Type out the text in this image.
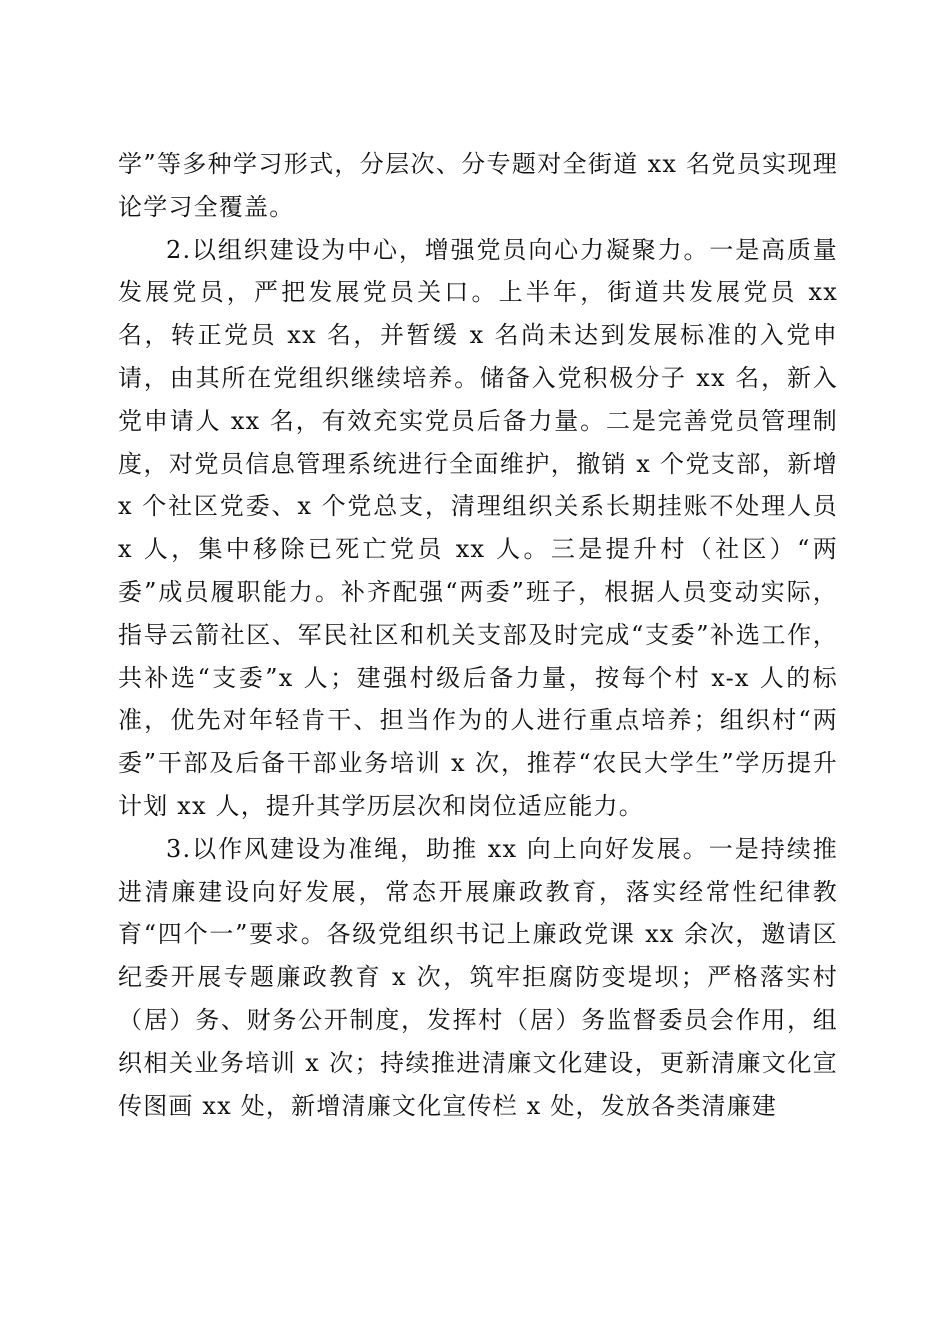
学”等多种学习形式，分层次、分专题对全街道 xx 名党员实现理论学习全覆盖。

2.以组织建设为中心，增强党员向心力凝聚力。一是高质量发展党员，严把发展党员关口。上半年，街道共发展党员 xx 名，转正党员 xx 名，并暂缓 x 名尚未达到发展标准的入党申请，由其所在党组织继续培养。储备入党积极分子 xx 名，新入党申请人 xx 名，有效充实党员后备力量。二是完善党员管理制度，对党员信息管理系统进行全面维护，撤销 x 个党支部，新增 x 个社区党委、x 个党总支，清理组织关系长期挂账不处理人员 x 人，集中移除已死亡党员 xx 人。三是提升村（社区）“两委”成员履职能力。补齐配强“两委”班子，根据人员变动实际，指导云箭社区、军民社区和机关支部及时完成“支委”补选工作，共补选“支委”x 人；建强村级后备力量，按每个村 x-x 人的标准，优先对年轻肯干、担当作为的人进行重点培养；组织村“两委”干部及后备干部业务培训 x 次，推荐“农民大学生”学历提升计划 xx 人，提升其学历层次和岗位适应能力。

3.以作风建设为准绳，助推 xx 向上向好发展。一是持续推进清廉建设向好发展，常态开展廉政教育，落实经常性纪律教育“四个一”要求。各级党组织书记上廉政党课 xx 余次，邀请区纪委开展专题廉政教育 x 次，筑牢拒腐防变堤坝；严格落实村（居）务、财务公开制度，发挥村（居）务监督委员会作用，组织相关业务培训 x 次；持续推进清廉文化建设，更新清廉文化宣传图画 xx 处，新增清廉文化宣传栏 x 处，发放各类清廉建
